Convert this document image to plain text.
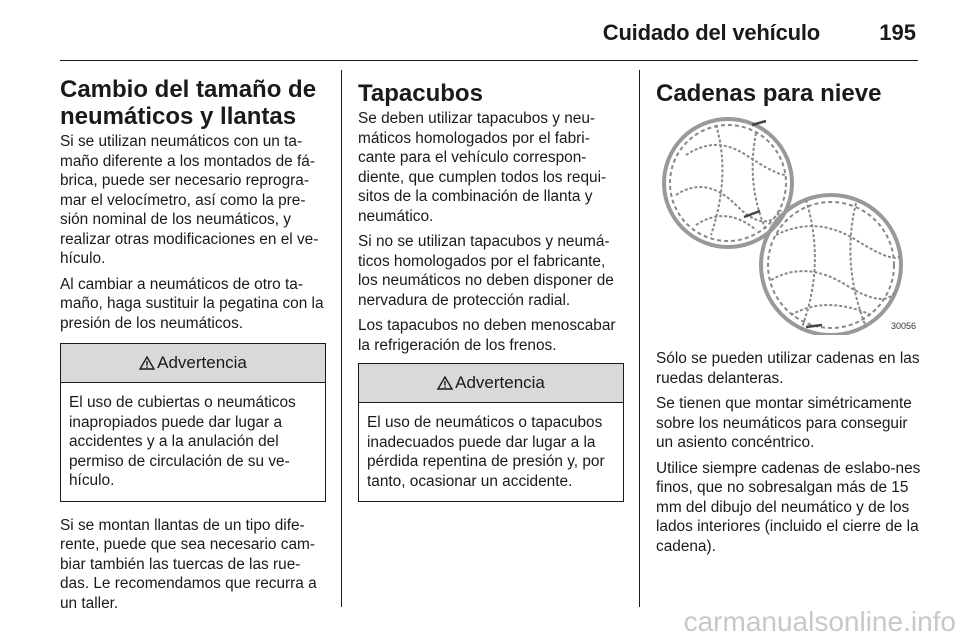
Cuidado del vehículo	195
Cambio del tamaño de neumáticos y llantas

Si se utilizan neumáticos con un ta-maño diferente a los montados de fá-brica, puede ser necesario reprogra-mar el velocímetro, así como la pre-sión nominal de los neumáticos, y realizar otras modificaciones en el ve-hículo.

Al cambiar a neumáticos de otro ta-maño, haga sustituir la pegatina con la presión de los neumáticos.

Advertencia
El uso de cubiertas o neumáticos inapropiados puede dar lugar a accidentes y a la anulación del permiso de circulación de su ve-hículo.

Si se montan llantas de un tipo dife-rente, puede que sea necesario cam-biar también las tuercas de las rue-das. Le recomendamos que recurra a un taller.

Tapacubos

Se deben utilizar tapacubos y neu-máticos homologados por el fabri-cante para el vehículo correspon-diente, que cumplen todos los requi-sitos de la combinación de llanta y neumático.

Si no se utilizan tapacubos y neumá-ticos homologados por el fabricante, los neumáticos no deben disponer de nervadura de protección radial.

Los tapacubos no deben menoscabar la refrigeración de los frenos.

Advertencia
El uso de neumáticos o tapacubos inadecuados puede dar lugar a la pérdida repentina de presión y, por tanto, ocasionar un accidente.
Cadenas para nieve
30056

Sólo se pueden utilizar cadenas en las ruedas delanteras.

Se tienen que montar simétricamente sobre los neumáticos para conseguir un asiento concéntrico.

Utilice siempre cadenas de eslabo-nes finos, que no sobresalgan más de 15 mm del dibujo del neumático y de los lados interiores (incluido el cierre de la cadena).

carmanualsonline.info
